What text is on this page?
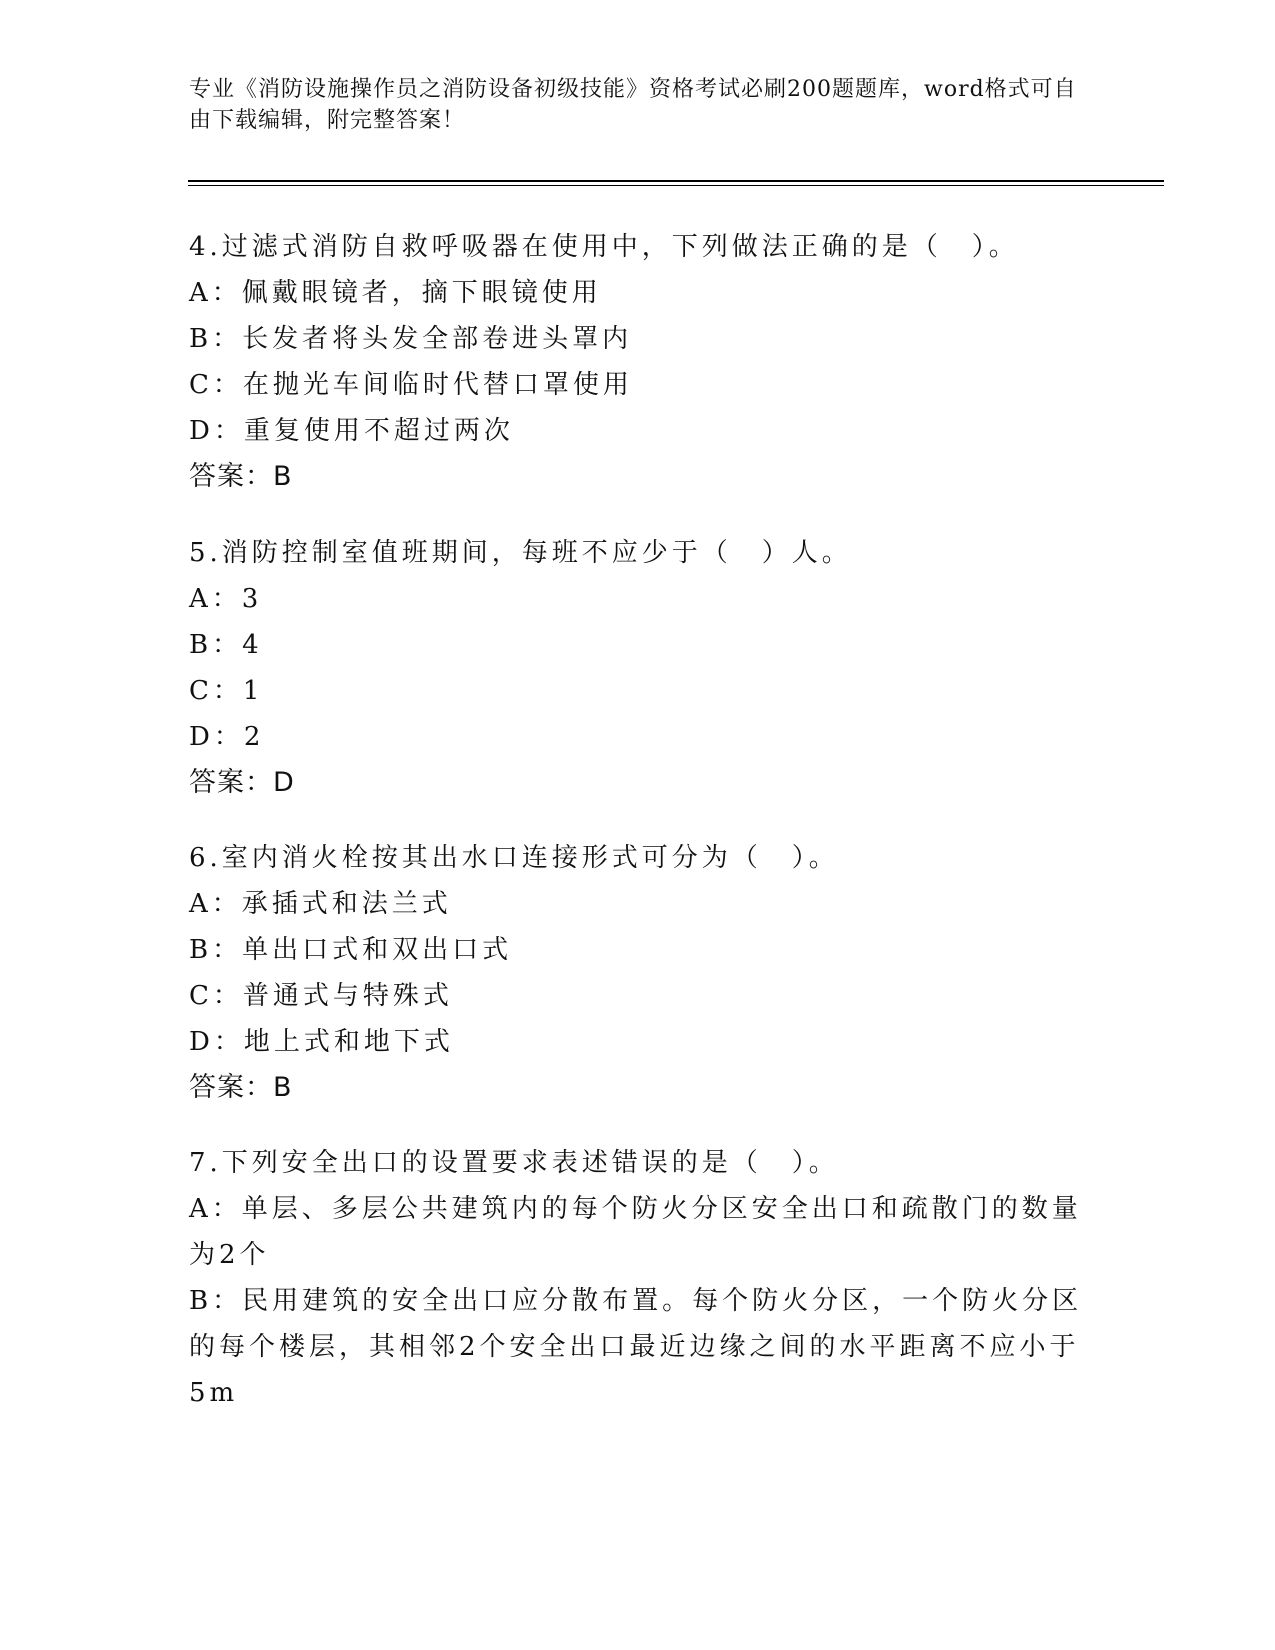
专业《消防设施操作员之消防设备初级技能》资格考试必刷200题题库，word格式可自由下载编辑，附完整答案！
4.过滤式消防自救呼吸器在使用中，下列做法正确的是（　）。
A：佩戴眼镜者，摘下眼镜使用
B：长发者将头发全部卷进头罩内
C：在抛光车间临时代替口罩使用
D：重复使用不超过两次
答案：B
5.消防控制室值班期间，每班不应少于（　）人。
A：3
B：4
C：1
D：2
答案：D
6.室内消火栓按其出水口连接形式可分为（　）。
A：承插式和法兰式
B：单出口式和双出口式
C：普通式与特殊式
D：地上式和地下式
答案：B
7.下列安全出口的设置要求表述错误的是（　）。
A：单层、多层公共建筑内的每个防火分区安全出口和疏散门的数量为2个
B：民用建筑的安全出口应分散布置。每个防火分区，一个防火分区的每个楼层，其相邻2个安全出口最近边缘之间的水平距离不应小于5m
